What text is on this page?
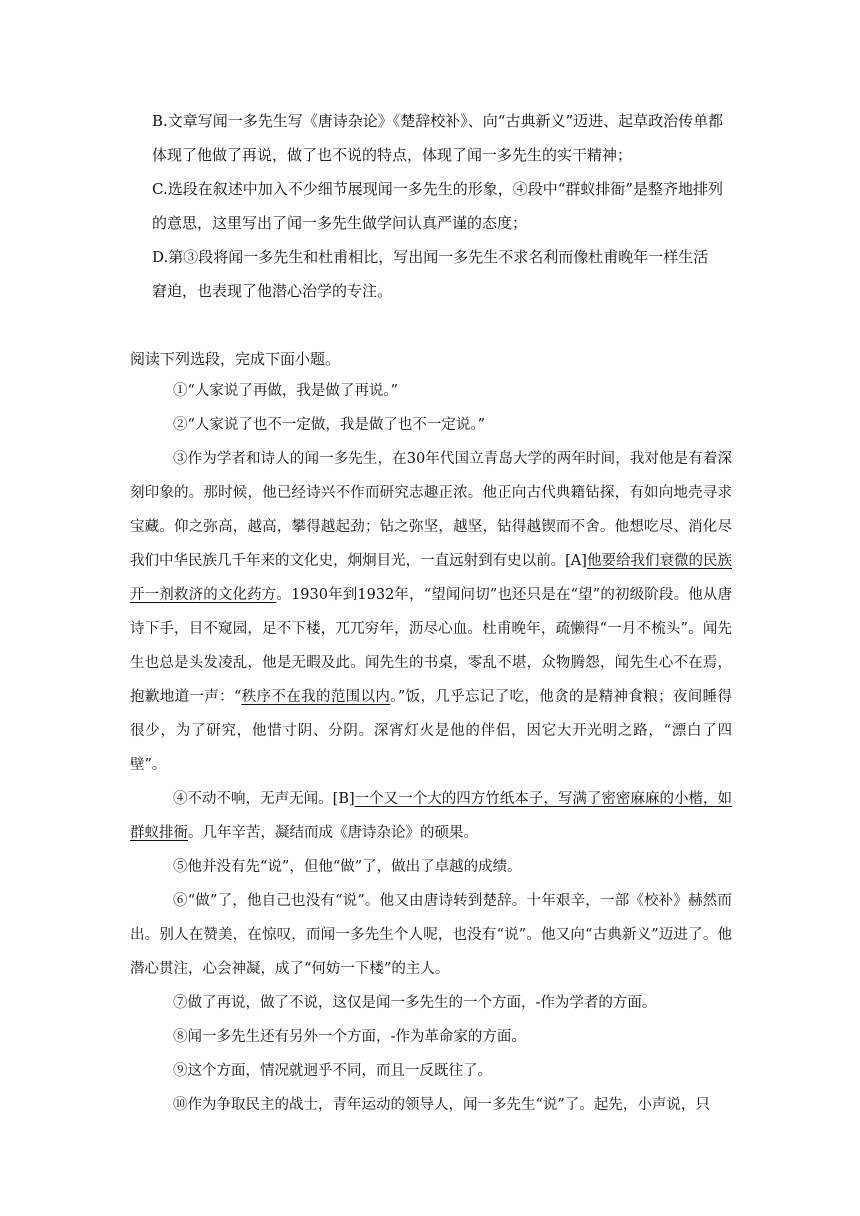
B.文章写闻一多先生写《唐诗杂论》《楚辞校补》、向“古典新义”迈进、起草政治传单都

体现了他做了再说，做了也不说的特点，体现了闻一多先生的实干精神；

C.选段在叙述中加入不少细节展现闻一多先生的形象，④段中“群蚁排衙”是整齐地排列

的意思，这里写出了闻一多先生做学问认真严谨的态度；

D.第③段将闻一多先生和杜甫相比，写出闻一多先生不求名利而像杜甫晚年一样生活

窘迫，也表现了他潜心治学的专注。

阅读下列选段，完成下面小题。

①“人家说了再做，我是做了再说。”

②“人家说了也不一定做，我是做了也不一定说。”

③作为学者和诗人的闻一多先生，在30年代国立青岛大学的两年时间，我对他是有着深刻印象的。那时候，他已经诗兴不作而研究志趣正浓。他正向古代典籍钻探，有如向地壳寻求宝藏。仰之弥高，越高，攀得越起劲；钻之弥坚，越坚，钻得越锲而不舍。他想吃尽、消化尽我们中华民族几千年来的文化史，炯炯目光，一直远射到有史以前。[A]他要给我们衰微的民族开一剂救济的文化药方。1930年到1932年，“望闻问切”也还只是在“望”的初级阶段。他从唐诗下手，目不窥园，足不下楼，兀兀穷年，沥尽心血。杜甫晚年，疏懒得“一月不梳头”。闻先生也总是头发凌乱，他是无暇及此。闻先生的书桌，零乱不堪，众物腾怨，闻先生心不在焉，抱歉地道一声：“秩序不在我的范围以内。”饭，几乎忘记了吃，他贪的是精神食粮；夜间睡得很少，为了研究，他惜寸阴、分阴。深宵灯火是他的伴侣，因它大开光明之路，“漂白了四壁”。

④不动不响，无声无闻。[B]一个又一个大的四方竹纸本子，写满了密密麻麻的小楷，如群蚁排衙。几年辛苦，凝结而成《唐诗杂论》的硕果。

⑤他并没有先“说”，但他“做”了，做出了卓越的成绩。

⑥“做”了，他自己也没有“说”。他又由唐诗转到楚辞。十年艰辛，一部《校补》赫然而出。别人在赞美，在惊叹，而闻一多先生个人呢，也没有“说”。他又向“古典新义”迈进了。他潜心贯注，心会神凝，成了“何妨一下楼”的主人。

⑦做了再说，做了不说，这仅是闻一多先生的一个方面，-作为学者的方面。

⑧闻一多先生还有另外一个方面，-作为革命家的方面。

⑨这个方面，情况就迥乎不同，而且一反既往了。

⑩作为争取民主的战士，青年运动的领导人，闻一多先生“说”了。起先，小声说，只
